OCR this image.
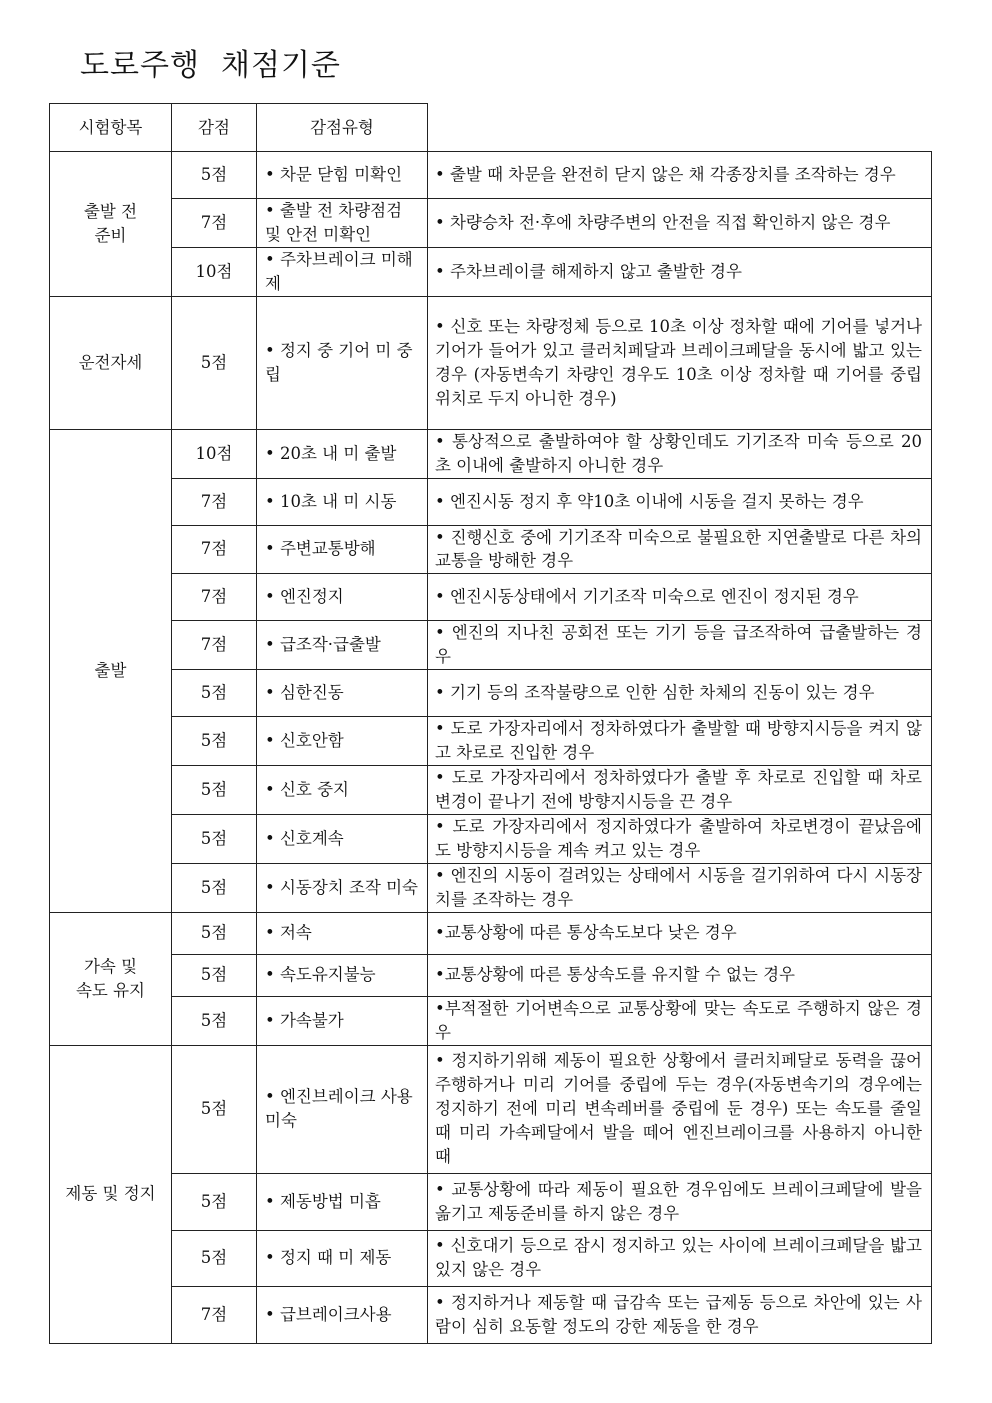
도로주행  채점기준
시험항목	감점	감점유형	
출발 전
준비	5점	• 차문 닫힘 미확인	• 출발 때 차문을 완전히 닫지 않은 채 각종장치를 조작하는 경우
	7점	• 출발 전 차량점검 및 안전 미확인	• 차량승차 전·후에 차량주변의 안전을 직접 확인하지 않은 경우
	10점	• 주차브레이크 미해제	• 주차브레이클 해제하지 않고 출발한 경우
운전자세	5점	• 정지 중 기어 미 중립	• 신호 또는 차량정체 등으로 10초 이상 정차할 때에 기어를 넣거나 기어가 들어가 있고 클러치페달과 브레이크페달을 동시에 밟고 있는 경우 (자동변속기 차량인 경우도 10초 이상 정차할 때 기어를 중립위치로 두지 아니한 경우)
출발	10점	• 20초 내 미 출발	• 통상적으로 출발하여야 할 상황인데도 기기조작 미숙 등으로 20초 이내에 출발하지 아니한 경우
	7점	• 10초 내 미 시동	• 엔진시동 정지 후 약10초 이내에 시동을 걸지 못하는 경우
	7점	• 주변교통방해	• 진행신호 중에 기기조작 미숙으로 불필요한 지연출발로 다른 차의 교통을 방해한 경우
	7점	• 엔진정지	• 엔진시동상태에서 기기조작 미숙으로 엔진이 정지된 경우
	7점	• 급조작·급출발	• 엔진의 지나친 공회전 또는 기기 등을 급조작하여 급출발하는 경우
	5점	• 심한진동	• 기기 등의 조작불량으로 인한 심한 차체의 진동이 있는 경우
	5점	• 신호안함	• 도로 가장자리에서 정차하였다가 출발할 때 방향지시등을 켜지 않고 차로로 진입한 경우
	5점	• 신호 중지	• 도로 가장자리에서 정차하였다가 출발 후 차로로 진입할 때 차로변경이 끝나기 전에 방향지시등을 끈 경우
	5점	• 신호계속	• 도로 가장자리에서 정지하였다가 출발하여 차로변경이 끝났음에도 방향지시등을 계속 켜고 있는 경우
	5점	• 시동장치 조작 미숙	• 엔진의 시동이 걸려있는 상태에서 시동을 걸기위하여 다시 시동장치를 조작하는 경우
가속 및
속도 유지	5점	• 저속	•교통상황에 따른 통상속도보다 낮은 경우
	5점	• 속도유지불능	•교통상황에 따른 통상속도를 유지할 수 없는 경우
	5점	• 가속불가	•부적절한 기어변속으로 교통상황에 맞는 속도로 주행하지 않은 경우
제동 및 정지	5점	• 엔진브레이크 사용미숙	• 정지하기위해 제동이 필요한 상황에서 클러치페달로 동력을 끊어 주행하거나 미리 기어를 중립에 두는 경우(자동변속기의 경우에는 정지하기 전에 미리 변속레버를 중립에 둔 경우) 또는 속도를 줄일 때 미리 가속페달에서 발을 떼어 엔진브레이크를 사용하지 아니한 때
	5점	• 제동방법 미흡	• 교통상황에 따라 제동이 필요한 경우임에도 브레이크페달에 발을 옮기고 제동준비를 하지 않은 경우
	5점	• 정지 때 미 제동	• 신호대기 등으로 잠시 정지하고 있는 사이에 브레이크페달을 밟고 있지 않은 경우
	7점	• 급브레이크사용	• 정지하거나 제동할 때 급감속 또는 급제동 등으로 차안에 있는 사람이 심히 요동할 정도의 강한 제동을 한 경우
